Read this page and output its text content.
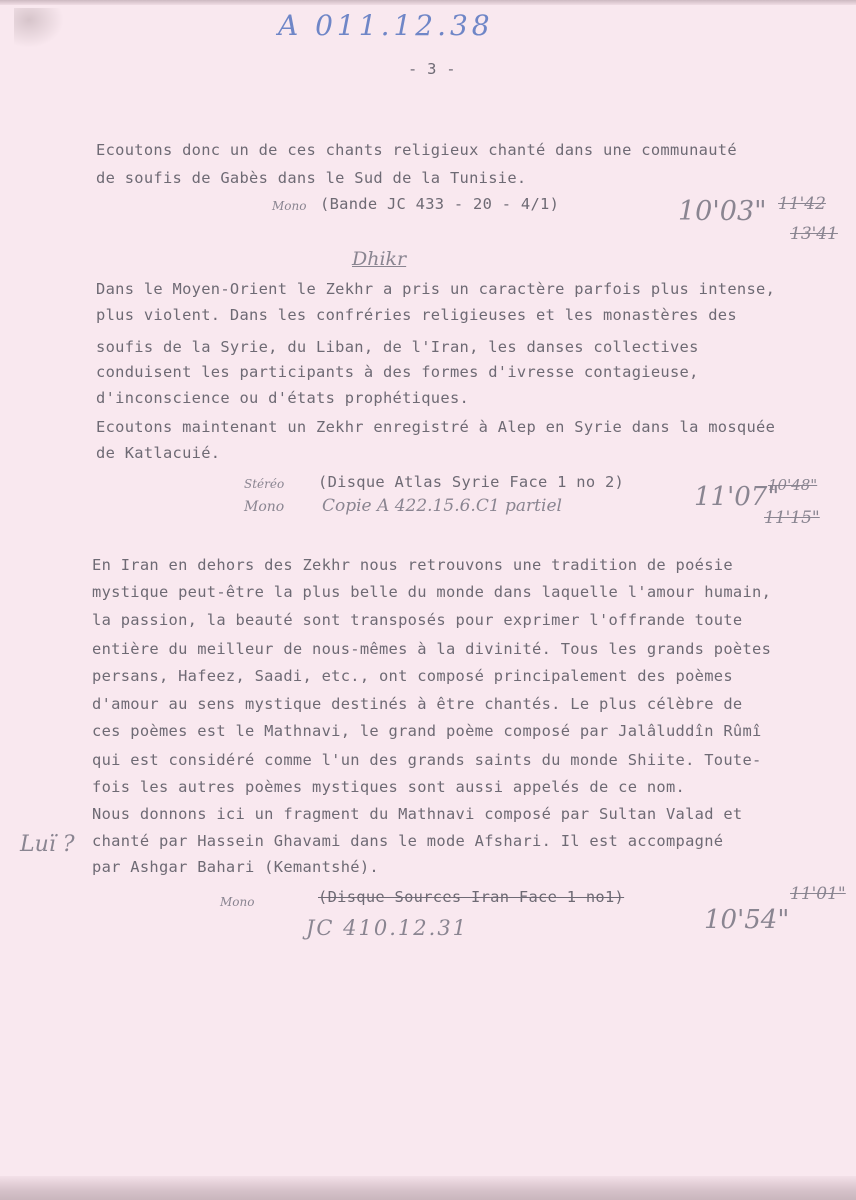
A 011.12.38
- 3 -
Ecoutons donc un de ces chants religieux chanté dans une communauté
de soufis de Gabès dans le Sud de la Tunisie.
Mono (Bande JC 433 - 20 - 4/1)	10'03" 11'42
13'41
Dhikr
Dans le Moyen-Orient le Zekhr a pris un caractère parfois plus intense,
plus violent. Dans les confréries religieuses et les monastères des
soufis de la Syrie, du Liban, de l'Iran, les danses collectives
conduisent les participants à des formes d'ivresse contagieuse,
d'inconscience ou d'états prophétiques.
Ecoutons maintenant un Zekhr enregistré à Alep en Syrie dans la mosquée
de Katlacuié.
Stéréo (Disque Atlas Syrie Face 1 no 2)
Mono Copie A 422.15.6.C1 partiel	11'07"
10'48"
11'15"
En Iran en dehors des Zekhr nous retrouvons une tradition de poésie
mystique peut-être la plus belle du monde dans laquelle l'amour humain,
la passion, la beauté sont transposés pour exprimer l'offrande toute
entière du meilleur de nous-mêmes à la divinité. Tous les grands poètes
persans, Hafeez, Saadi, etc., ont composé principalement des poèmes
d'amour au sens mystique destinés à être chantés. Le plus célèbre de
ces poèmes est le Mathnavi, le grand poème composé par Jalâluddîn Rûmî
qui est considéré comme l'un des grands saints du monde Shiite. Toute-
fois les autres poèmes mystiques sont aussi appelés de ce nom.
Nous donnons ici un fragment du Mathnavi composé par Sultan Valad et
chanté par Hassein Ghavami dans le mode Afshari. Il est accompagné
par Ashgar Bahari (Kemantshé).
Luï ?
Mono	(Disque Sources Iran Face 1 no1)
JC 410.12.31	10'54"
11'01"
